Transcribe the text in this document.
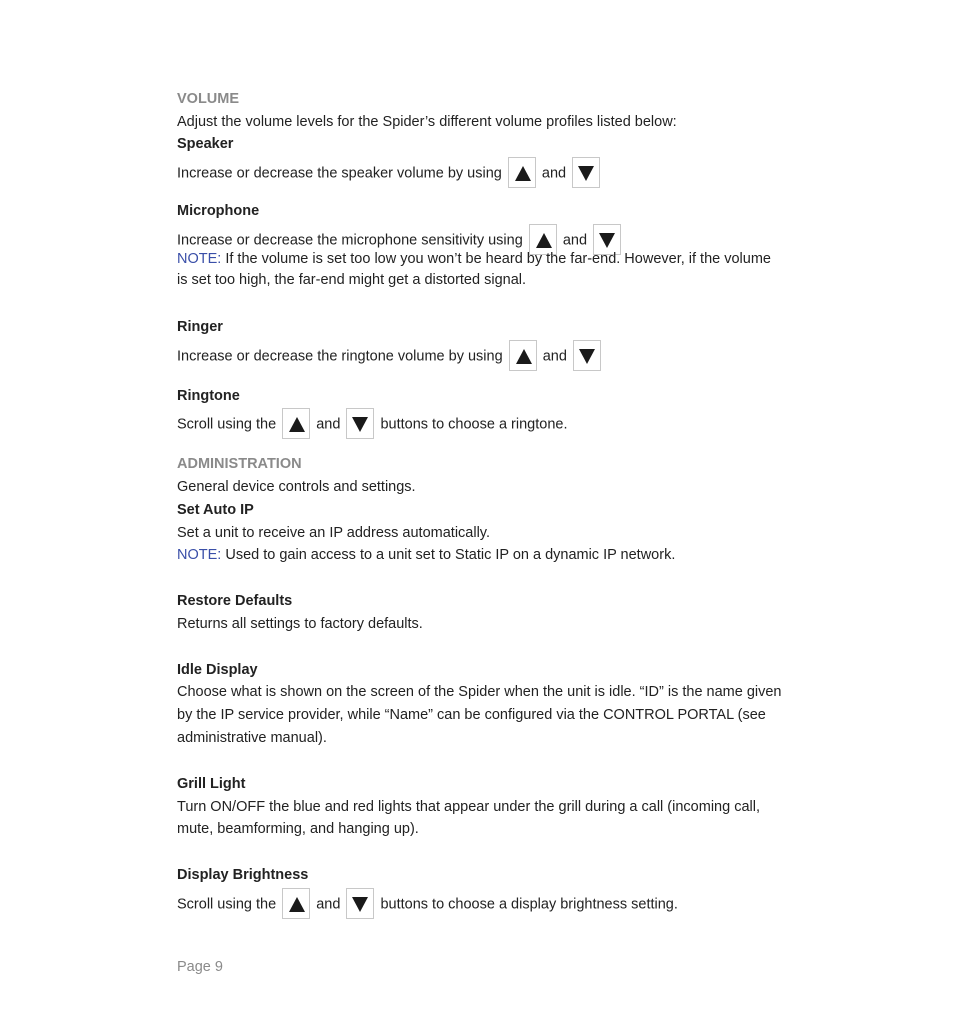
VOLUME
Adjust the volume levels for the Spider’s different volume profiles listed below:
Speaker
Increase or decrease the speaker volume by using	and
Microphone
Increase or decrease the microphone sensitivity using	and
NOTE: If the volume is set too low you won’t be heard by the far-end. However, if the volume
is set too high, the far-end might get a distorted signal.
Ringer
Increase or decrease the ringtone volume by using	and
Ringtone
Scroll using the	and	buttons to choose a ringtone.
ADMINISTRATION
General device controls and settings.
Set Auto IP
Set a unit to receive an IP address automatically.
NOTE: Used to gain access to a unit set to Static IP on a dynamic IP network.
Restore Defaults
Returns all settings to factory defaults.
Idle Display
Choose what is shown on the screen of the Spider when the unit is idle. “ID” is the name given
by the IP service provider, while “Name” can be configured via the CONTROL PORTAL (see
administrative manual).
Grill Light
Turn ON/OFF the blue and red lights that appear under the grill during a call (incoming call,
mute, beamforming, and hanging up).
Display Brightness
Scroll using the	and	buttons to choose a display brightness setting.
Page 9
